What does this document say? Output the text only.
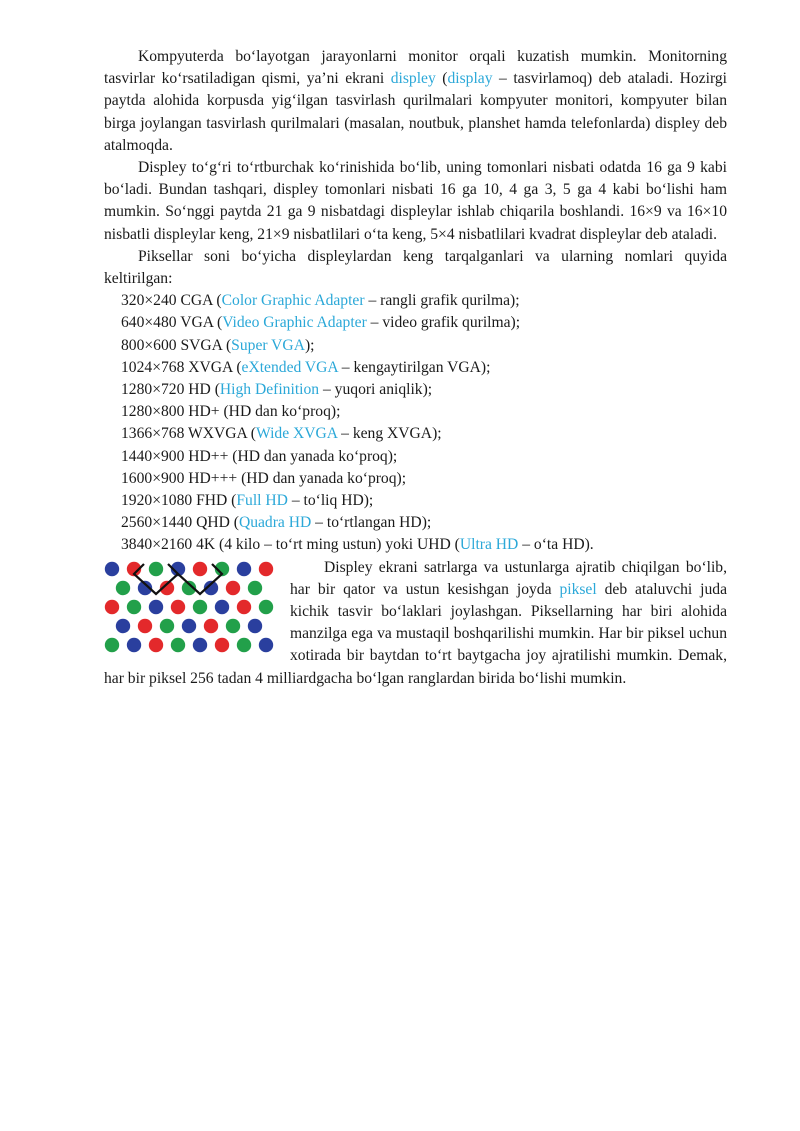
Kompyuterda bo‘layotgan jarayonlarni monitor orqali kuzatish mumkin. Monitorning tasvirlar ko‘rsatiladigan qismi, ya’ni ekrani displey (display – tasvirlamoq) deb ataladi. Hozirgi paytda alohida korpusda yig‘ilgan tasvirlash qurilmalari kompyuter monitori, kompyuter bilan birga joylangan tasvirlash qurilmalari (masalan, noutbuk, planshet hamda telefonlarda) displey deb atalmoqda.

Displey to‘g‘ri to‘rtburchak ko‘rinishida bo‘lib, uning tomonlari nisbati odatda 16 ga 9 kabi bo‘ladi. Bundan tashqari, displey tomonlari nisbati 16 ga 10, 4 ga 3, 5 ga 4 kabi bo‘lishi ham mumkin. So‘nggi paytda 21 ga 9 nisbatdagi displeylar ishlab chiqarila boshlandi. 16×9 va 16×10 nisbatli displeylar keng, 21×9 nisbatlilari o‘ta keng, 5×4 nisbatlilari kvadrat displeylar deb ataladi.

Piksellar soni bo‘yicha displeylardan keng tarqalganlari va ularning nomlari quyida keltirilgan:

320×240 CGA (Color Graphic Adapter – rangli grafik qurilma);
640×480 VGA (Video Graphic Adapter – video grafik qurilma);
800×600 SVGA (Super VGA);
1024×768 XVGA (eXtended VGA – kengaytirilgan VGA);
1280×720 HD (High Definition – yuqori aniqlik);
1280×800 HD+ (HD dan ko‘proq);
1366×768 WXVGA (Wide XVGA – keng XVGA);
1440×900 HD++ (HD dan yanada ko‘proq);
1600×900 HD+++ (HD dan yanada ko‘proq);
1920×1080 FHD (Full HD – to‘liq HD);
2560×1440 QHD (Quadra HD – to‘rtlangan HD);
3840×2160 4K (4 kilo – to‘rt ming ustun) yoki UHD (Ultra HD – o‘ta HD).

Displey ekrani satrlarga va ustunlarga ajratib chiqilgan bo‘lib, har bir qator va ustun kesishgan joyda piksel deb ataluvchi juda kichik tasvir bo‘laklari joylashgan. Piksellarning har biri alohida manzilga ega va mustaqil boshqarilishi mumkin. Har bir piksel uchun xotirada bir baytdan to‘rt baytgacha joy ajratilishi mumkin. Demak, har bir piksel 256 tadan 4 milliardgacha bo‘lgan ranglardan birida bo‘lishi mumkin.
